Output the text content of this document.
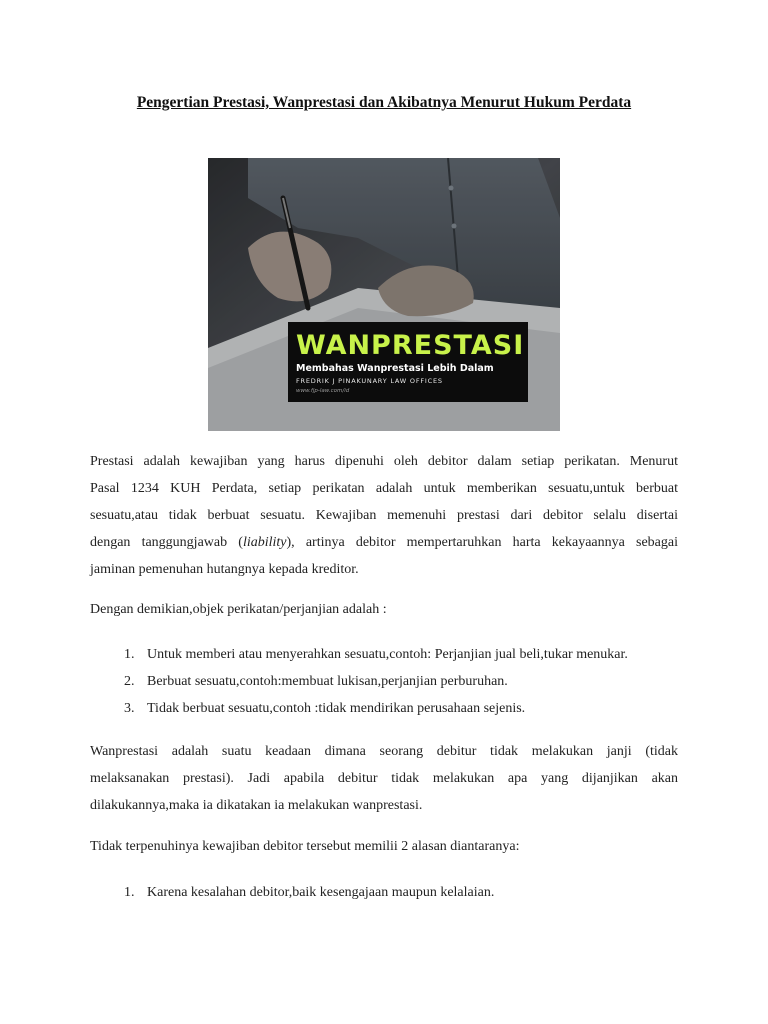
Pengertian Prestasi, Wanprestasi dan Akibatnya Menurut Hukum Perdata
WANPRESTASI
Membahas Wanprestasi Lebih Dalam
FREDRIK J PINAKUNARY LAW OFFICES
www.fjp-law.com/id
Prestasi adalah kewajiban yang harus dipenuhi oleh debitor dalam setiap perikatan. Menurut
Pasal 1234 KUH Perdata, setiap perikatan adalah untuk memberikan sesuatu,untuk berbuat
sesuatu,atau tidak berbuat sesuatu. Kewajiban memenuhi prestasi dari debitor selalu disertai
dengan tanggungjawab (liability), artinya debitor mempertaruhkan harta kekayaannya sebagai
jaminan pemenuhan hutangnya kepada kreditor.
Dengan demikian,objek perikatan/perjanjian adalah :
1. Untuk memberi atau menyerahkan sesuatu,contoh: Perjanjian jual beli,tukar menukar.
2. Berbuat sesuatu,contoh:membuat lukisan,perjanjian perburuhan.
3. Tidak berbuat sesuatu,contoh :tidak mendirikan perusahaan sejenis.
Wanprestasi adalah suatu keadaan dimana seorang debitur tidak melakukan janji (tidak
melaksanakan prestasi). Jadi apabila debitur tidak melakukan apa yang dijanjikan akan
dilakukannya,maka ia dikatakan ia melakukan wanprestasi.
Tidak terpenuhinya kewajiban debitor tersebut memilii 2 alasan diantaranya:
1. Karena kesalahan debitor,baik kesengajaan maupun kelalaian.
